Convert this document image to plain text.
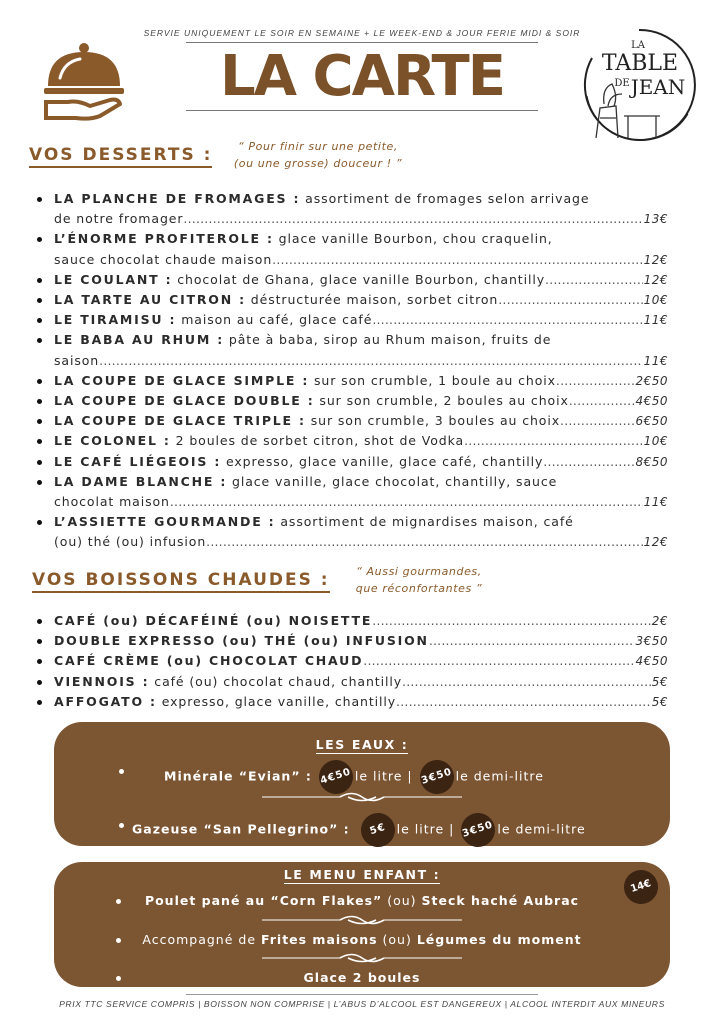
SERVIE UNIQUEMENT LE SOIR EN SEMAINE + LE WEEK-END & JOUR FERIE MIDI & SOIR
LA CARTE	LA
TABLE
DE JEAN
VOS DESSERTS :	“ Pour finir sur une petite,
(ou une grosse) douceur ! ”
LA PLANCHE DE FROMAGES : assortiment de fromages selon arrivage
de notre fromager .....	13€
L’ÉNORME PROFITEROLE : glace vanille Bourbon, chou craquelin,
sauce chocolat chaude maison .....	12€
LE COULANT : chocolat de Ghana, glace vanille Bourbon, chantilly .....	12€
LA TARTE AU CITRON : déstructurée maison, sorbet citron .....	10€
LE TIRAMISU : maison au café, glace café .....	11€
LE BABA AU RHUM : pâte à baba, sirop au Rhum maison, fruits de
saison .....	11€
LA COUPE DE GLACE SIMPLE : sur son crumble, 1 boule au choix .....	2€50
LA COUPE DE GLACE DOUBLE : sur son crumble, 2 boules au choix .....	4€50
LA COUPE DE GLACE TRIPLE : sur son crumble, 3 boules au choix .....	6€50
LE COLONEL : 2 boules de sorbet citron, shot de Vodka .....	10€
LE CAFÉ LIÉGEOIS : expresso, glace vanille, glace café, chantilly .....	8€50
LA DAME BLANCHE : glace vanille, glace chocolat, chantilly, sauce
chocolat maison .....	11€
L’ASSIETTE GOURMANDE : assortiment de mignardises maison, café
(ou) thé (ou) infusion .....	12€
VOS BOISSONS CHAUDES :	“ Aussi gourmandes,
que réconfortantes ”
CAFÉ (ou) DÉCAFÉINÉ (ou) NOISETTE .....	2€
DOUBLE EXPRESSO (ou) THÉ (ou) INFUSION .....	3€50
CAFÉ CRÈME (ou) CHOCOLAT CHAUD .....	4€50
VIENNOIS : café (ou) chocolat chaud, chantilly .....	5€
AFFOGATO : expresso, glace vanille, chantilly .....	5€
LES EAUX :
Minérale “Evian” : 4€50 le litre | 3€50 le demi-litre
Gazeuse “San Pellegrino” : 5€ le litre | 3€50 le demi-litre
LE MENU ENFANT :
14€
Poulet pané au “Corn Flakes” (ou) Steck haché Aubrac
Accompagné de Frites maisons (ou) Légumes du moment
Glace 2 boules
PRIX TTC SERVICE COMPRIS | BOISSON NON COMPRISE | L’ABUS D’ALCOOL EST DANGEREUX | ALCOOL INTERDIT AUX MINEURS
